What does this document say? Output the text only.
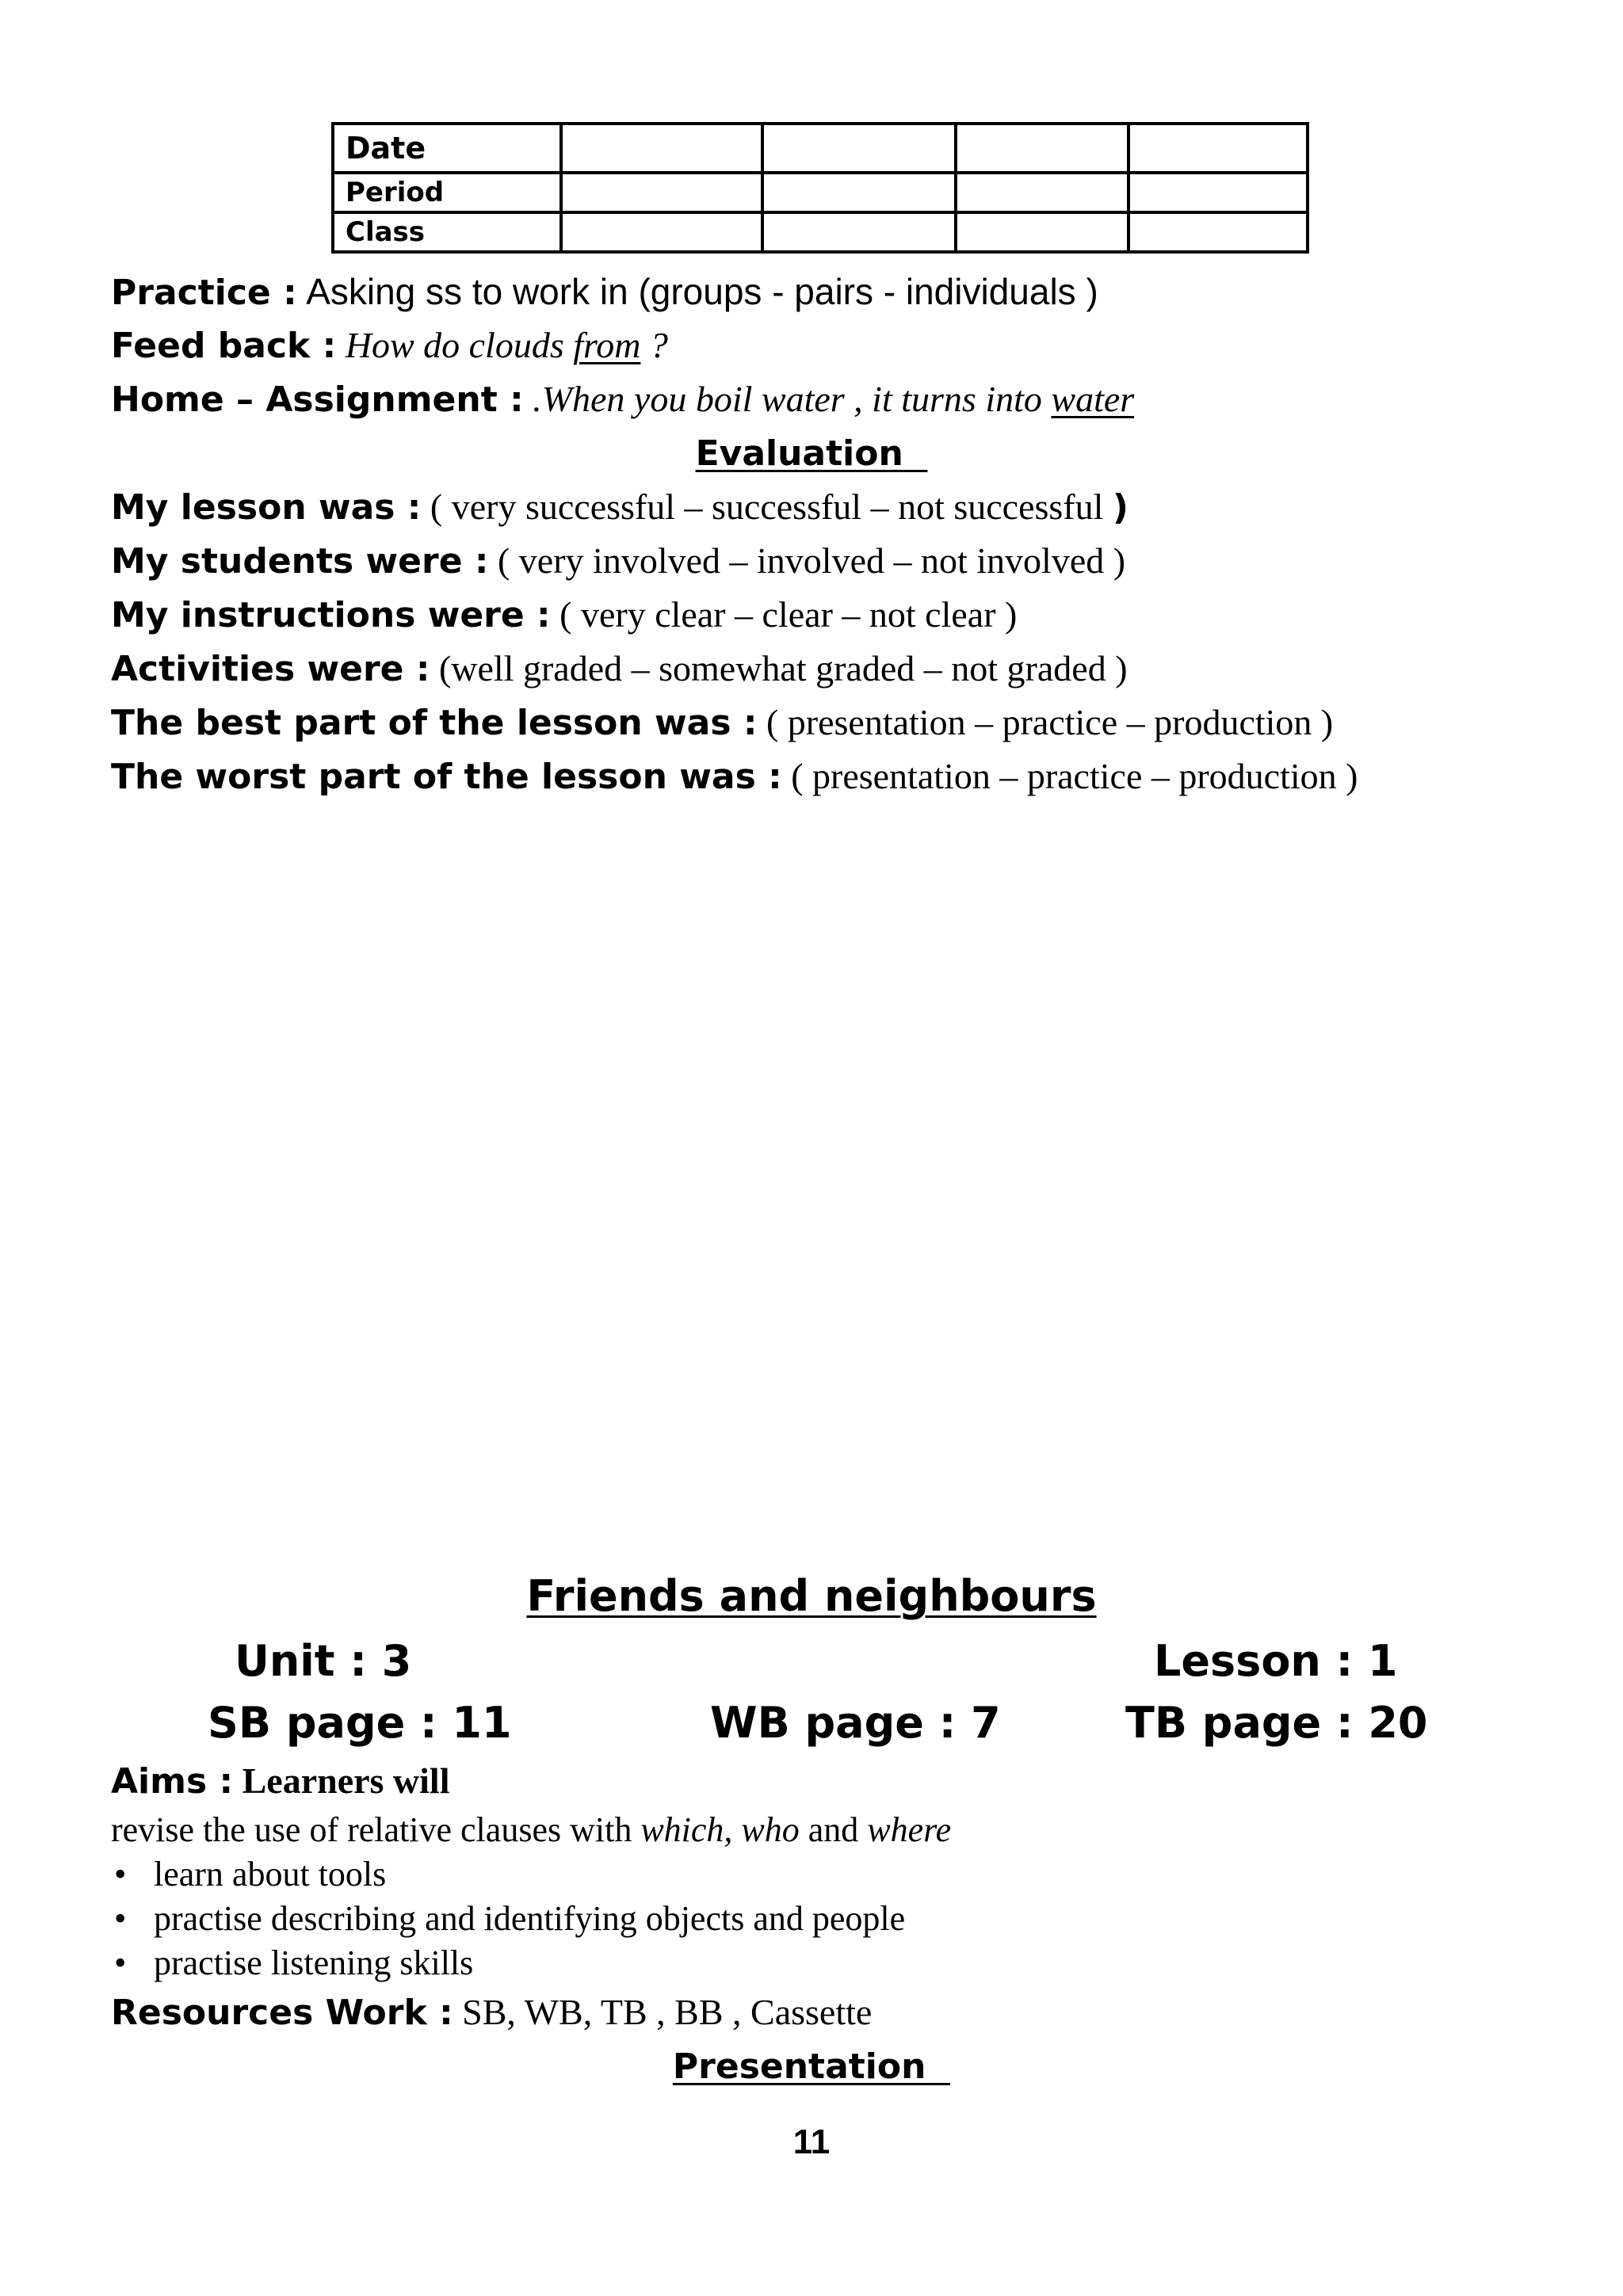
Date				
Period				
Class				
Practice : Asking ss to work in (groups - pairs - individuals )
Feed back : How do clouds from ?
Home – Assignment : .When you boil water , it turns into water
Evaluation
My lesson was : ( very successful – successful – not successful )
My students were : ( very involved – involved – not involved )
My instructions were : ( very clear – clear – not clear )
Activities were : (well graded – somewhat graded – not graded )
The best part of the lesson was : ( presentation – practice – production )
The worst part of the lesson was : ( presentation – practice – production )
Friends and neighbours
Unit : 3	Lesson : 1
SB page : 11	WB page : 7	TB page : 20
Aims : Learners will
revise the use of relative clauses with which, who and where
• learn about tools
• practise describing and identifying objects and people
• practise listening skills
Resources Work : SB, WB, TB , BB , Cassette
Presentation
11
